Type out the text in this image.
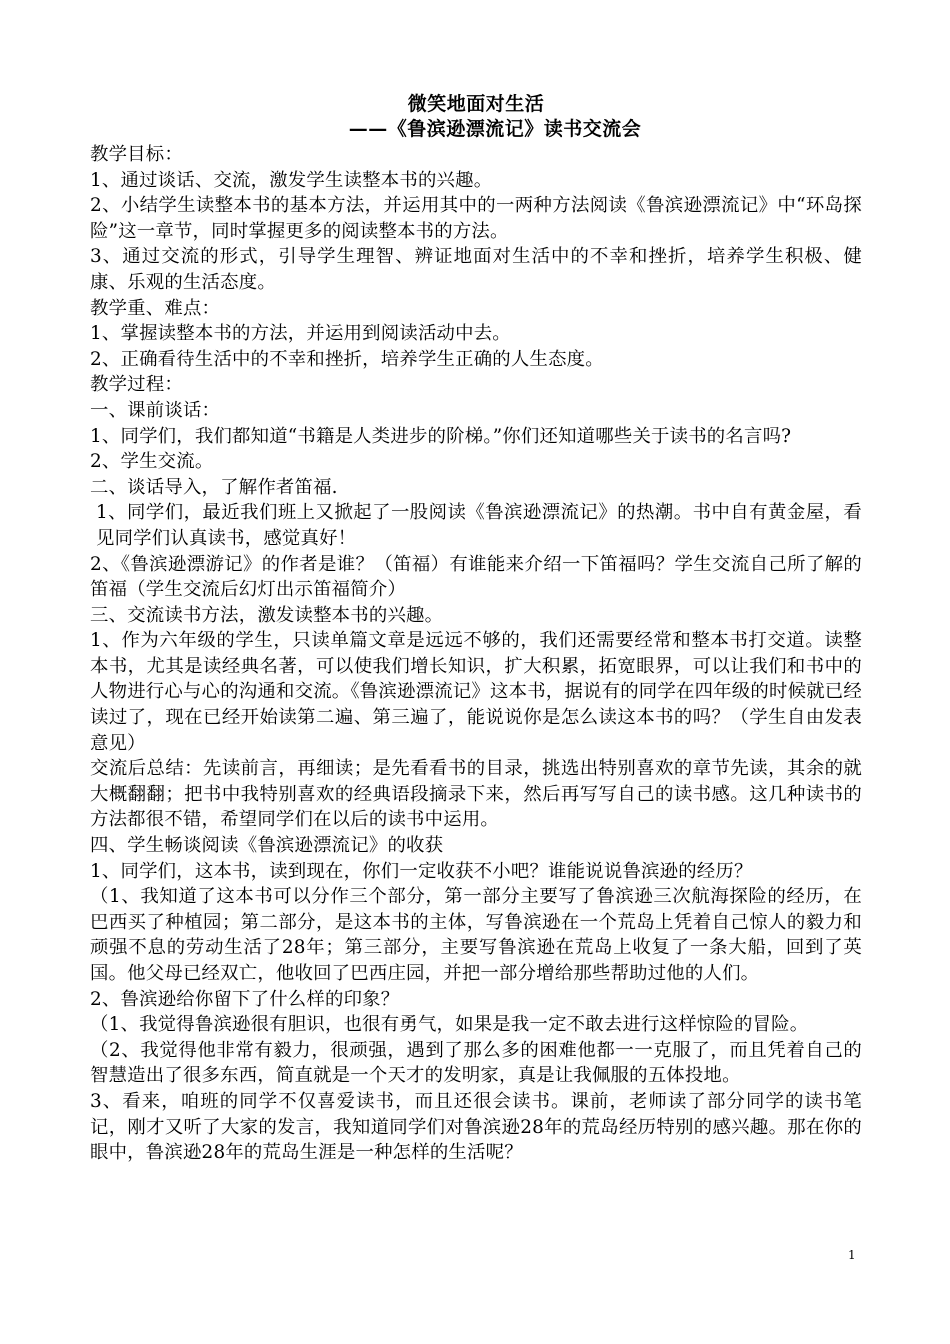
微笑地面对生活
——《鲁滨逊漂流记》读书交流会

教学目标：

1、通过谈话、交流，激发学生读整本书的兴趣。

2、小结学生读整本书的基本方法，并运用其中的一两种方法阅读《鲁滨逊漂流记》中“环岛探险”这一章节，同时掌握更多的阅读整本书的方法。

3、通过交流的形式，引导学生理智、辨证地面对生活中的不幸和挫折，培养学生积极、健康、乐观的生活态度。

教学重、难点：

1、掌握读整本书的方法，并运用到阅读活动中去。

2、正确看待生活中的不幸和挫折，培养学生正确的人生态度。

教学过程：

一、课前谈话：

1、同学们，我们都知道“书籍是人类进步的阶梯。”你们还知道哪些关于读书的名言吗?

2、学生交流。

二、谈话导入，了解作者笛福.

1、同学们，最近我们班上又掀起了一股阅读《鲁滨逊漂流记》的热潮。书中自有黄金屋，看见同学们认真读书，感觉真好！

2、《鲁滨逊漂游记》的作者是谁？（笛福）有谁能来介绍一下笛福吗？学生交流自己所了解的笛福（学生交流后幻灯出示笛福简介）

三、交流读书方法，激发读整本书的兴趣。

1、作为六年级的学生，只读单篇文章是远远不够的，我们还需要经常和整本书打交道。读整本书，尤其是读经典名著，可以使我们增长知识，扩大积累，拓宽眼界，可以让我们和书中的人物进行心与心的沟通和交流。《鲁滨逊漂流记》这本书，据说有的同学在四年级的时候就已经读过了，现在已经开始读第二遍、第三遍了，能说说你是怎么读这本书的吗？（学生自由发表意见）

交流后总结：先读前言，再细读；是先看看书的目录，挑选出特别喜欢的章节先读，其余的就大概翻翻；把书中我特别喜欢的经典语段摘录下来，然后再写写自己的读书感。这几种读书的方法都很不错，希望同学们在以后的读书中运用。

四、学生畅谈阅读《鲁滨逊漂流记》的收获

1、同学们，这本书，读到现在，你们一定收获不小吧？谁能说说鲁滨逊的经历？

（1、我知道了这本书可以分作三个部分，第一部分主要写了鲁滨逊三次航海探险的经历，在巴西买了种植园；第二部分，是这本书的主体，写鲁滨逊在一个荒岛上凭着自己惊人的毅力和顽强不息的劳动生活了28年；第三部分，主要写鲁滨逊在荒岛上收复了一条大船，回到了英国。他父母已经双亡，他收回了巴西庄园，并把一部分增给那些帮助过他的人们。

2、鲁滨逊给你留下了什么样的印象？

（1、我觉得鲁滨逊很有胆识，也很有勇气，如果是我一定不敢去进行这样惊险的冒险。

（2、我觉得他非常有毅力，很顽强，遇到了那么多的困难他都一一克服了，而且凭着自己的智慧造出了很多东西，简直就是一个天才的发明家，真是让我佩服的五体投地。

3、看来，咱班的同学不仅喜爱读书，而且还很会读书。课前，老师读了部分同学的读书笔记，刚才又听了大家的发言，我知道同学们对鲁滨逊28年的荒岛经历特别的感兴趣。那在你的眼中，鲁滨逊28年的荒岛生涯是一种怎样的生活呢？

1
